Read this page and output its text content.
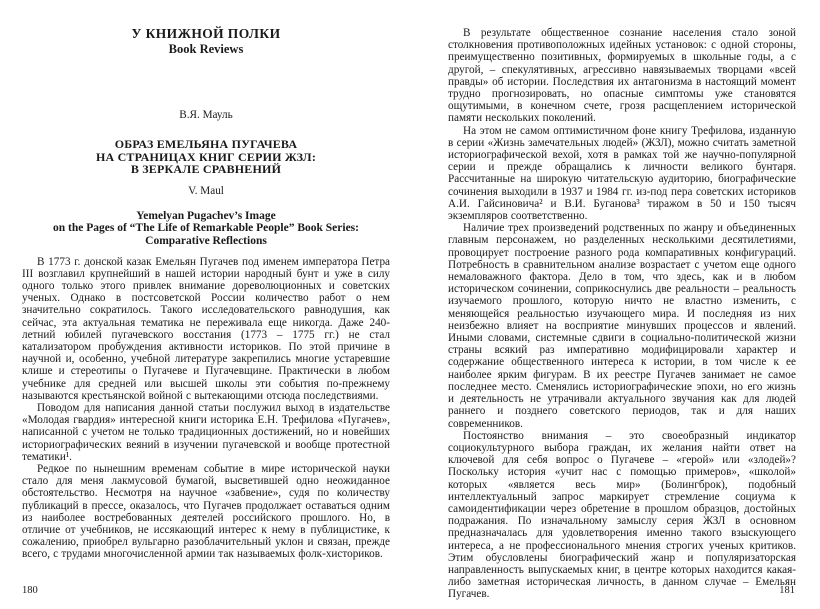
У КНИЖНОЙ ПОЛКИ
Book Reviews
В.Я. Мауль
ОБРАЗ ЕМЕЛЬЯНА ПУГАЧЕВА
НА СТРАНИЦАХ КНИГ СЕРИИ ЖЗЛ:
В ЗЕРКАЛЕ СРАВНЕНИЙ
V. Maul
Yemelyan Pugachev’s Image
on the Pages of “The Life of Remarkable People” Book Series:
Comparative Reflections

В 1773 г. донской казак Емельян Пугачев под именем императора Петра III возглавил крупнейший в нашей истории народный бунт и уже в силу одного только этого привлек внимание дореволюционных и советских ученых. Однако в постсоветской России количество работ о нем значительно сократилось. Такого исследовательского равнодушия, как сейчас, эта актуальная тематика не переживала еще никогда. Даже 240-летний юбилей пугачевского восстания (1773 – 1775 гг.) не стал катализатором пробуждения активности историков. По этой причине в научной и, особенно, учебной литературе закрепились многие устаревшие клише и стереотипы о Пугачеве и Пугачевщине. Практически в любом учебнике для средней или высшей школы эти события по-прежнему называются крестьянской войной с вытекающими отсюда последствиями.

Поводом для написания данной статьи послужил выход в издательстве «Молодая гвардия» интересной книги историка Е.Н. Трефилова «Пугачев», написанной с учетом не только традиционных достижений, но и новейших историографических веяний в изучении пугачевской и вообще протестной тематики¹.

Редкое по нынешним временам событие в мире исторической науки стало для меня лакмусовой бумагой, высветившей одно неожиданное обстоятельство. Несмотря на научное «забвение», судя по количеству публикаций в прессе, оказалось, что Пугачев продолжает оставаться одним из наиболее востребованных деятелей российского прошлого. Но, в отличие от учебников, не иссякающий интерес к нему в публицистике, к сожалению, приобрел вульгарно разоблачительный уклон и связан, прежде всего, с трудами многочисленной армии так называемых фолк-хисториков.

180

В результате общественное сознание населения стало зоной столкновения противоположных идейных установок: с одной стороны, преимущественно позитивных, формируемых в школьные годы, а с другой, – спекулятивных, агрессивно навязываемых творцами «всей правды» об истории. Последствия их антагонизма в настоящий момент трудно прогнозировать, но опасные симптомы уже становятся ощутимыми, в конечном счете, грозя расщеплением исторической памяти нескольких поколений.

На этом не самом оптимистичном фоне книгу Трефилова, изданную в серии «Жизнь замечательных людей» (ЖЗЛ), можно считать заметной историографической вехой, хотя в рамках той же научно-популярной серии и прежде обращались к личности великого бунтаря. Рассчитанные на широкую читательскую аудиторию, биографические сочинения выходили в 1937 и 1984 гг. из-под пера советских историков А.И. Гайсиновича² и В.И. Буганова³ тиражом в 50 и 150 тысяч экземпляров соответственно.

Наличие трех произведений родственных по жанру и объединенных главным персонажем, но разделенных несколькими десятилетиями, провоцирует построение разного рода компаративных конфигураций. Потребность в сравнительном анализе возрастает с учетом еще одного немаловажного фактора. Дело в том, что здесь, как и в любом историческом сочинении, соприкоснулись две реальности – реальность изучаемого прошлого, которую ничто не властно изменить, с меняющейся реальностью изучающего мира. И последняя из них неизбежно влияет на восприятие минувших процессов и явлений. Иными словами, системные сдвиги в социально-политической жизни страны всякий раз императивно модифицировали характер и содержание общественного интереса к истории, в том числе к ее наиболее ярким фигурам. В их реестре Пугачев занимает не самое последнее место. Сменялись историографические эпохи, но его жизнь и деятельность не утрачивали актуального звучания как для людей раннего и позднего советского периодов, так и для наших современников.

Постоянство внимания – это своеобразный индикатор социокультурного выбора граждан, их желания найти ответ на ключевой для себя вопрос о Пугачеве – «герой» или «злодей»? Поскольку история «учит нас с помощью примеров», «школой» которых «является весь мир» (Болингброк), подобный интеллектуальный запрос маркирует стремление социума к самоидентификации через обретение в прошлом образцов, достойных подражания. По изначальному замыслу серия ЖЗЛ в основном предназначалась для удовлетворения именно такого взыскующего интереса, а не профессионального мнения строгих ученых критиков. Этим обусловлены биографический жанр и популяризаторская направленность выпускаемых книг, в центре которых находится какая-либо заметная историческая личность, в данном случае – Емельян Пугачев.	181
